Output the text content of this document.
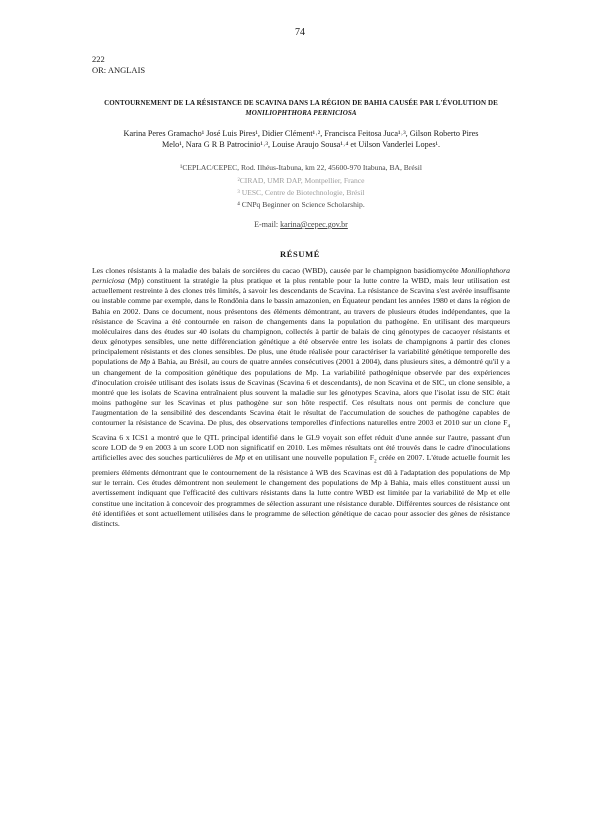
74
222
OR: ANGLAIS
CONTOURNEMENT DE LA RÉSISTANCE DE SCAVINA DANS LA RÉGION DE BAHIA CAUSÉE PAR L'ÉVOLUTION DE
MONILIOPHTHORA PERNICIOSA
Karina Peres Gramacho¹ José Luis Pires¹, Didier Clément¹˒², Francisca Feitosa Juca¹˒³, Gilson Roberto Pires
Melo¹, Nara G R B Patrocinio¹˒³, Louise Araujo Sousa¹˒⁴ et Uilson Vanderlei Lopes¹.
¹CEPLAC/CEPEC, Rod. Ilhéus-Itabuna, km 22, 45600-970 Itabuna, BA, Brésil
²CIRAD, UMR DAP, Montpellier, France
³ UESC, Centre de Biotechnologie, Brésil
⁴ CNPq Beginner on Science Scholarship.
E-mail: karina@cepec.gov.br
RÉSUMÉ

Les clones résistants à la maladie des balais de sorcières du cacao (WBD), causée par le champignon basidiomycète Moniliophthora perniciosa (Mp) constituent la stratégie la plus pratique et la plus rentable pour la lutte contre la WBD, mais leur utilisation est actuellement restreinte à des clones très limités, à savoir les descendants de Scavina. La résistance de Scavina s'est avérée insuffisante ou instable comme par exemple, dans le Rondônia dans le bassin amazonien, en Équateur pendant les années 1980 et dans la région de Bahia en 2002. Dans ce document, nous présentons des éléments démontrant, au travers de plusieurs études indépendantes, que la résistance de Scavina a été contournée en raison de changements dans la population du pathogène. En utilisant des marqueurs moléculaires dans des études sur 40 isolats du champignon, collectés à partir de balais de cinq génotypes de cacaoyer résistants et deux génotypes sensibles, une nette différenciation génétique a été observée entre les isolats de champignons à partir des clones principalement résistants et des clones sensibles. De plus, une étude réalisée pour caractériser la variabilité génétique temporelle des populations de Mp à Bahia, au Brésil, au cours de quatre années consécutives (2001 à 2004), dans plusieurs sites, a démontré qu'il y a un changement de la composition génétique des populations de Mp. La variabilité pathogénique observée par des expériences d'inoculation croisée utilisant des isolats issus de Scavinas (Scavina 6 et descendants), de non Scavina et de SIC, un clone sensible, a montré que les isolats de Scavina entraînaient plus souvent la maladie sur les génotypes Scavina, alors que l'isolat issu de SIC était moins pathogène sur les Scavinas et plus pathogène sur son hôte respectif. Ces résultats nous ont permis de conclure que l'augmentation de la sensibilité des descendants Scavina était le résultat de l'accumulation de souches de pathogène capables de contourner la résistance de Scavina. De plus, des observations temporelles d'infections naturelles entre 2003 et 2010 sur un clone $F_4$ Scavina 6 x ICS1 a montré que le QTL principal identifié dans le GL9 voyait son effet réduit d'une année sur l'autre, passant d'un score LOD de 9 en 2003 à un score LOD non significatif en 2010. Les mêmes résultats ont été trouvés dans le cadre d'inoculations artificielles avec des souches particulières de Mp et en utilisant une nouvelle population $F_2$ créée en 2007. L'étude actuelle fournit les premiers éléments démontrant que le contournement de la résistance à WB des Scavinas est dû à l'adaptation des populations de Mp sur le terrain. Ces études démontrent non seulement le changement des populations de Mp à Bahia, mais elles constituent aussi un avertissement indiquant que l'efficacité des cultivars résistants dans la lutte contre WBD est limitée par la variabilité de Mp et elle constitue une incitation à concevoir des programmes de sélection assurant une résistance durable. Différentes sources de résistance ont été identifiées et sont actuellement utilisées dans le programme de sélection génétique de cacao pour associer des gènes de résistance distincts.
